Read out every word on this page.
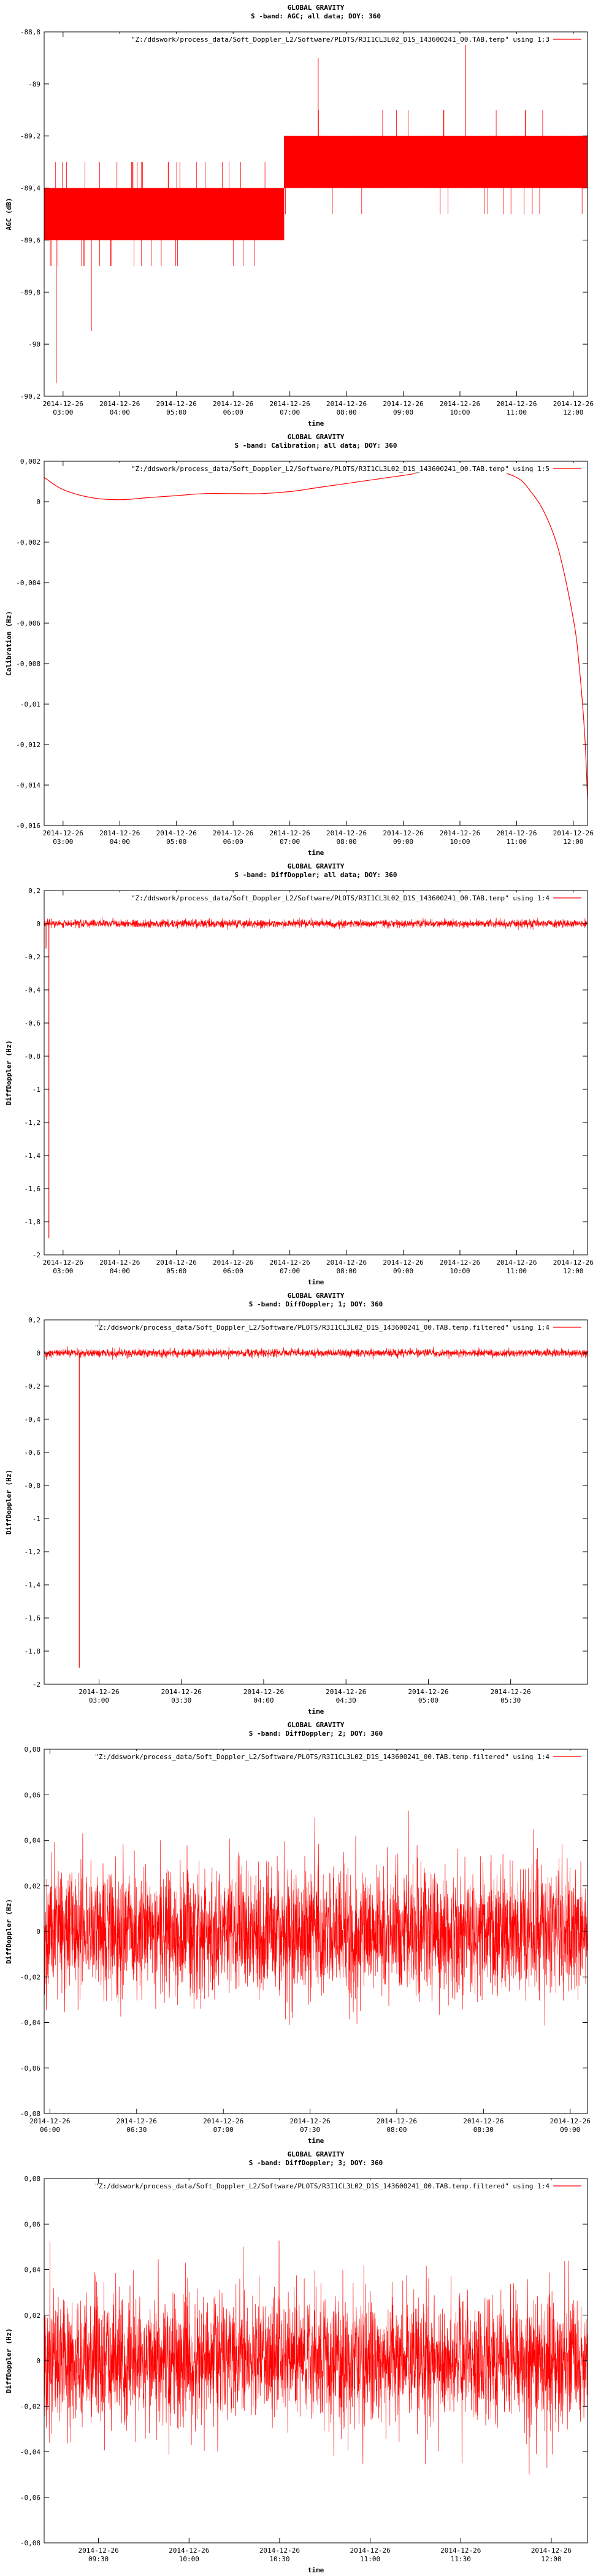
GLOBAL GRAVITY
S -band: AGC; all data; DOY: 360
-88,8
-89
-89,2
-89,4
-89,6
-89,8
-90
-90,2
2014-12-26
03:00
2014-12-26
04:00
2014-12-26
05:00
2014-12-26
06:00
2014-12-26
07:00
2014-12-26
08:00
2014-12-26
09:00
2014-12-26
10:00
2014-12-26
11:00
2014-12-26
12:00
time
AGC (dB)
"Z:/ddswork/process_data/Soft_Doppler_L2/Software/PLOTS/R3I1CL3L02_D1S_143600241_00.TAB.temp" using 1:3
GLOBAL GRAVITY
S -band: Calibration; all data; DOY: 360
0,002
0
-0,002
-0,004
-0,006
-0,008
-0,01
-0,012
-0,014
-0,016
2014-12-26
03:00
2014-12-26
04:00
2014-12-26
05:00
2014-12-26
06:00
2014-12-26
07:00
2014-12-26
08:00
2014-12-26
09:00
2014-12-26
10:00
2014-12-26
11:00
2014-12-26
12:00
time
Calibration (Hz)
"Z:/ddswork/process_data/Soft_Doppler_L2/Software/PLOTS/R3I1CL3L02_D1S_143600241_00.TAB.temp" using 1:5
GLOBAL GRAVITY
S -band: DiffDoppler; all data; DOY: 360
0,2
0
-0,2
-0,4
-0,6
-0,8
-1
-1,2
-1,4
-1,6
-1,8
-2
2014-12-26
03:00
2014-12-26
04:00
2014-12-26
05:00
2014-12-26
06:00
2014-12-26
07:00
2014-12-26
08:00
2014-12-26
09:00
2014-12-26
10:00
2014-12-26
11:00
2014-12-26
12:00
time
DiffDoppler (Hz)
"Z:/ddswork/process_data/Soft_Doppler_L2/Software/PLOTS/R3I1CL3L02_D1S_143600241_00.TAB.temp" using 1:4
GLOBAL GRAVITY
S -band: DiffDoppler; 1; DOY: 360
0,2
0
-0,2
-0,4
-0,6
-0,8
-1
-1,2
-1,4
-1,6
-1,8
-2
2014-12-26
03:00
2014-12-26
03:30
2014-12-26
04:00
2014-12-26
04:30
2014-12-26
05:00
2014-12-26
05:30
time
DiffDoppler (Hz)
"Z:/ddswork/process_data/Soft_Doppler_L2/Software/PLOTS/R3I1CL3L02_D1S_143600241_00.TAB.temp.filtered" using 1:4
GLOBAL GRAVITY
S -band: DiffDoppler; 2; DOY: 360
0,08
0,06
0,04
0,02
0
-0,02
-0,04
-0,06
-0,08
2014-12-26
06:00
2014-12-26
06:30
2014-12-26
07:00
2014-12-26
07:30
2014-12-26
08:00
2014-12-26
08:30
2014-12-26
09:00
time
DiffDoppler (Hz)
"Z:/ddswork/process_data/Soft_Doppler_L2/Software/PLOTS/R3I1CL3L02_D1S_143600241_00.TAB.temp.filtered" using 1:4
GLOBAL GRAVITY
S -band: DiffDoppler; 3; DOY: 360
0,08
0,06
0,04
0,02
0
-0,02
-0,04
-0,06
-0,08
2014-12-26
09:30
2014-12-26
10:00
2014-12-26
10:30
2014-12-26
11:00
2014-12-26
11:30
2014-12-26
12:00
time
DiffDoppler (Hz)
"Z:/ddswork/process_data/Soft_Doppler_L2/Software/PLOTS/R3I1CL3L02_D1S_143600241_00.TAB.temp.filtered" using 1:4
